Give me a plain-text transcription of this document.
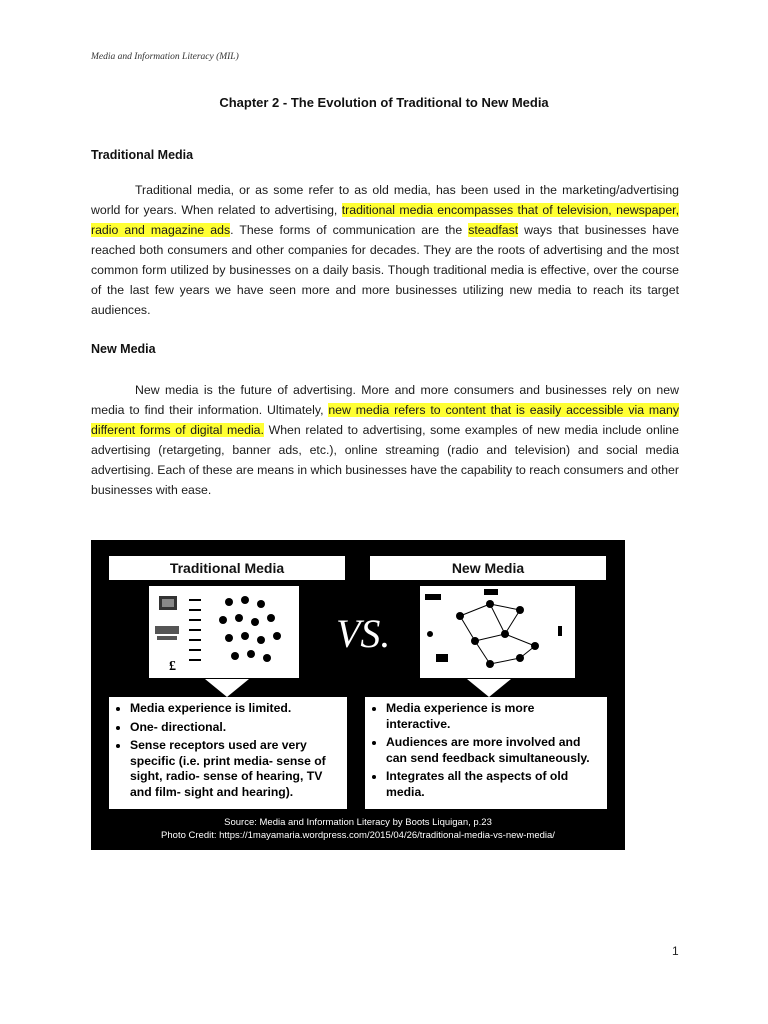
Media and Information Literacy (MIL)
Chapter 2 - The Evolution of Traditional to New Media
Traditional Media
Traditional media, or as some refer to as old media, has been used in the marketing/advertising world for years. When related to advertising, traditional media encompasses that of television, newspaper, radio and magazine ads. These forms of communication are the steadfast ways that businesses have reached both consumers and other companies for decades. They are the roots of advertising and the most common form utilized by businesses on a daily basis. Though traditional media is effective, over the course of the last few years we have seen more and more businesses utilizing new media to reach its target audiences.
New Media
New media is the future of advertising. More and more consumers and businesses rely on new media to find their information. Ultimately, new media refers to content that is easily accessible via many different forms of digital media. When related to advertising, some examples of new media include online advertising (retargeting, banner ads, etc.), online streaming (radio and television) and social media advertising. Each of these are means in which businesses have the capability to reach consumers and other businesses with ease.
Traditional Media	New Media
£
VS.
• Media experience is limited.
• One- directional.
• Sense receptors used are very specific (i.e. print media- sense of sight, radio- sense of hearing, TV and film- sight and hearing).
• Media experience is more interactive.
• Audiences are more involved and can send feedback simultaneously.
• Integrates all the aspects of old media.
Source: Media and Information Literacy by Boots Liquigan, p.23
Photo Credit: https://1mayamaria.wordpress.com/2015/04/26/traditional-media-vs-new-media/
1
